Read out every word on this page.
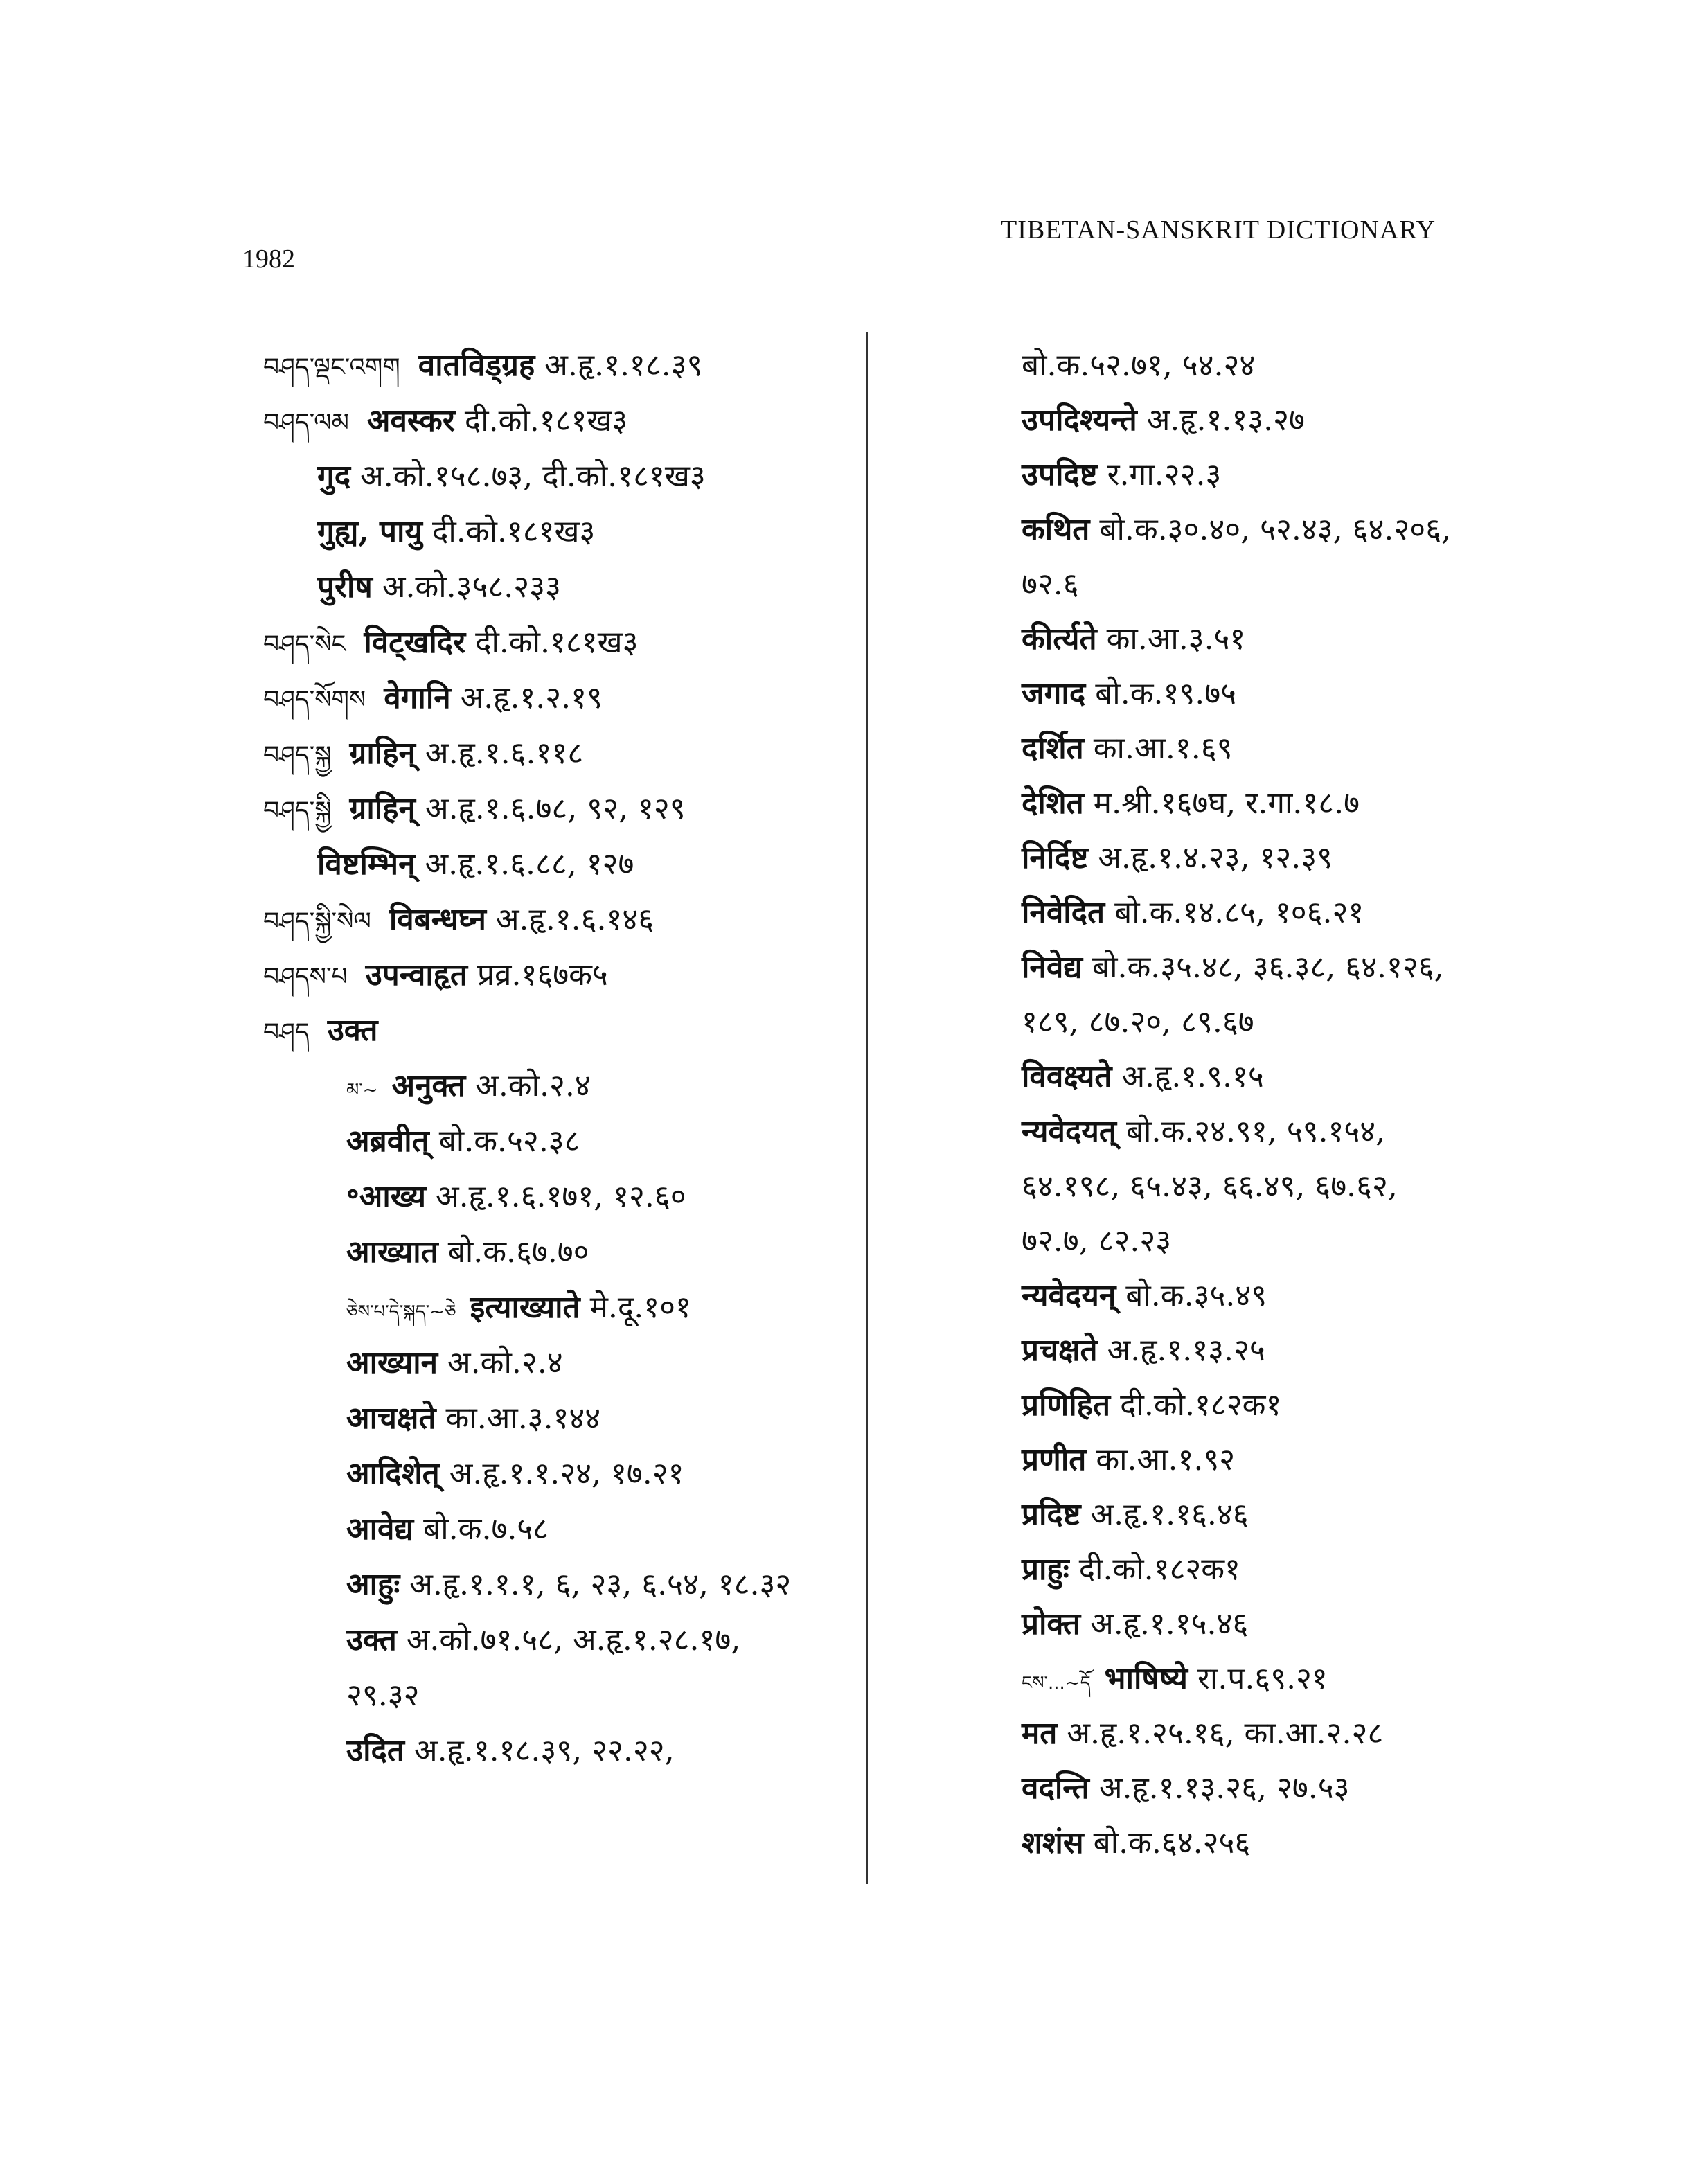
1982
TIBETAN-SANSKRIT DICTIONARY
བཤད་ལྡང་འགག वातविड्ग्रह अ.हृ.१.१८.३९
བཤད་ལམ अवस्कर दी.को.१८१ख३
गुद अ.को.१५८.७३, दी.को.१८१ख३
गुह्य, पायु दी.को.१८१ख३
पुरीष अ.को.३५८.२३३
བཤད་སེང विट्खदिर दी.को.१८१ख३
བཤད་སོགས वेगानि अ.हृ.१.२.१९
བཤད་སྐྱ ग्राहिन् अ.हृ.१.६.११८
བཤད་སྐྱི ग्राहिन् अ.हृ.१.६.७८, ९२, १२९
विष्टम्भिन् अ.हृ.१.६.८८, १२७
བཤད་སྐྱི་སེལ विबन्धघ्न अ.हृ.१.६.१४६
བཤདས་པ उपन्वाहृत प्रव्र.१६७क५
བཤད उक्त
མ་~ अनुक्त अ.को.२.४
अब्रवीत् बो.क.५२.३८
॰आख्य अ.हृ.१.६.१७१, १२.६०
आख्यात बो.क.६७.७०
ཅེས་པ་དེ་སྐད་~ཅེ इत्याख्याते मे.दू.१०१
आख्यान अ.को.२.४
आचक्षते का.आ.३.१४४
आदिशेत् अ.हृ.१.१.२४, १७.२१
आवेद्य बो.क.७.५८
आहुः अ.हृ.१.१.१, ६, २३, ६.५४, १८.३२
उक्त अ.को.७१.५८, अ.हृ.१.२८.१७,
२९.३२
उदित अ.हृ.१.१८.३९, २२.२२,
बो.क.५२.७१, ५४.२४
उपदिश्यन्ते अ.हृ.१.१३.२७
उपदिष्ट र.गा.२२.३
कथित बो.क.३०.४०, ५२.४३, ६४.२०६,
७२.६
कीर्त्यते का.आ.३.५१
जगाद बो.क.१९.७५
दर्शित का.आ.१.६९
देशित म.श्री.१६७घ, र.गा.१८.७
निर्दिष्ट अ.हृ.१.४.२३, १२.३९
निवेदित बो.क.१४.८५, १०६.२१
निवेद्य बो.क.३५.४८, ३६.३८, ६४.१२६,
१८९, ८७.२०, ८९.६७
विवक्ष्यते अ.हृ.१.९.१५
न्यवेदयत् बो.क.२४.९१, ५९.१५४,
६४.१९८, ६५.४३, ६६.४९, ६७.६२,
७२.७, ८२.२३
न्यवेदयन् बो.क.३५.४९
प्रचक्षते अ.हृ.१.१३.२५
प्रणिहित दी.को.१८२क१
प्रणीत का.आ.१.९२
प्रदिष्ट अ.हृ.१.१६.४६
प्राहुः दी.को.१८२क१
प्रोक्त अ.हृ.१.१५.४६
ངས་...~དོ भाषिष्ये रा.प.६९.२१
मत अ.हृ.१.२५.१६, का.आ.२.२८
वदन्ति अ.हृ.१.१३.२६, २७.५३
शशंस बो.क.६४.२५६
